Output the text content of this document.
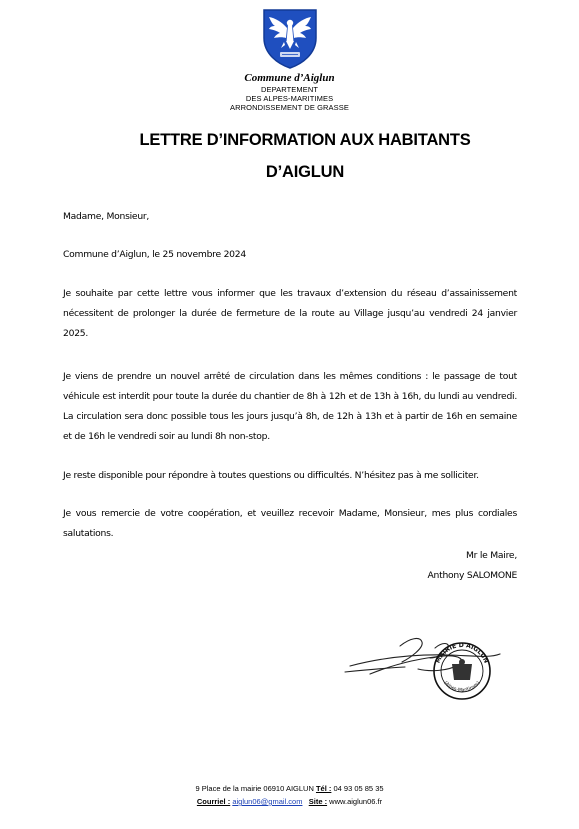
Commune d’Aiglun
DEPARTEMENT
DES ALPES-MARITIMES
ARRONDISSEMENT DE GRASSE
LETTRE D’INFORMATION AUX HABITANTS
D’AIGLUN
Madame, Monsieur,
Commune d’Aiglun, le 25 novembre 2024
Je souhaite par cette lettre vous informer que les travaux d’extension du réseau d’assainissement nécessitent de prolonger la durée de fermeture de la route au Village jusqu’au vendredi 24 janvier 2025.
Je viens de prendre un nouvel arrêté de circulation dans les mêmes conditions : le passage de tout véhicule est interdit pour toute la durée du chantier de 8h à 12h et de 13h à 16h, du lundi au vendredi. La circulation sera donc possible tous les jours jusqu’à 8h, de 12h à 13h et à partir de 16h en semaine et de 16h le vendredi soir au lundi 8h non-stop.
Je reste disponible pour répondre à toutes questions ou difficultés. N’hésitez pas à me solliciter.
Je vous remercie de votre coopération, et veuillez recevoir Madame, Monsieur, mes plus cordiales salutations.
Mr le Maire,
Anthony SALOMONE
MAIRIE D'AIGLUN
(Alpes-Maritimes)
9 Place de la mairie 06910 AIGLUN Tél : 04 93 05 85 35
Courriel : aiglun06@gmail.com Site : www.aiglun06.fr
